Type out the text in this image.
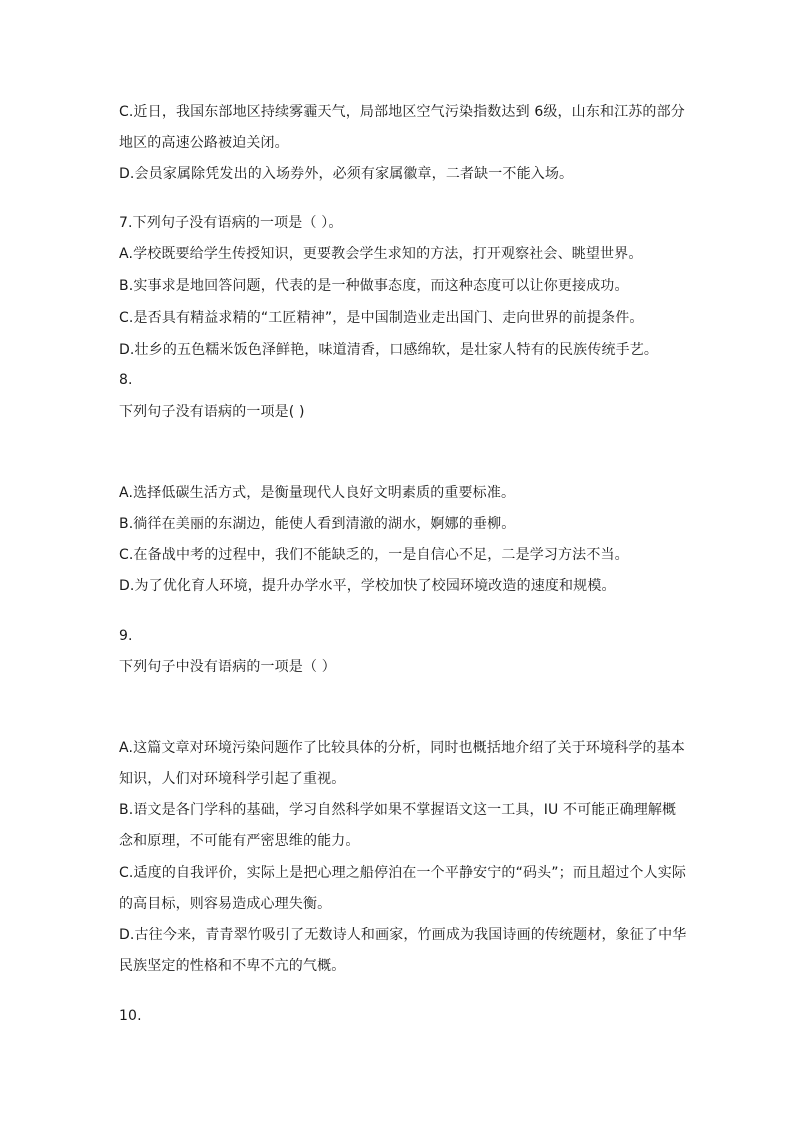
C.近日，我国东部地区持续雾霾天气，局部地区空气污染指数达到 6级，山东和江苏的部分
地区的高速公路被迫关闭。
D.会员家属除凭发出的入场券外，必须有家属徽章，二者缺一不能入场。
7.下列句子没有语病的一项是（ ）。
A.学校既要给学生传授知识，更要教会学生求知的方法，打开观察社会、眺望世界。
B.实事求是地回答问题，代表的是一种做事态度，而这种态度可以让你更接成功。
C.是否具有精益求精的“工匠精神”，是中国制造业走出国门、走向世界的前提条件。
D.壮乡的五色糯米饭色泽鲜艳，味道清香，口感绵软，是壮家人特有的民族传统手艺。
8.
下列句子没有语病的一项是( )
A.选择低碳生活方式，是衡量现代人良好文明素质的重要标准。
B.徜徉在美丽的东湖边，能使人看到清澈的湖水，婀娜的垂柳。
C.在备战中考的过程中，我们不能缺乏的，一是自信心不足，二是学习方法不当。
D.为了优化育人环境，提升办学水平，学校加快了校园环境改造的速度和规模。
9.
下列句子中没有语病的一项是（ ）
A.这篇文章对环境污染问题作了比较具体的分析，同时也概括地介绍了关于环境科学的基本
知识，人们对环境科学引起了重视。
B.语文是各门学科的基础，学习自然科学如果不掌握语文这一工具，IU 不可能正确理解概
念和原理，不可能有严密思维的能力。
C.适度的自我评价，实际上是把心理之船停泊在一个平静安宁的“码头”；而且超过个人实际
的高目标，则容易造成心理失衡。
D.古往今来，青青翠竹吸引了无数诗人和画家，竹画成为我国诗画的传统题材，象征了中华
民族坚定的性格和不卑不亢的气概。
10.
